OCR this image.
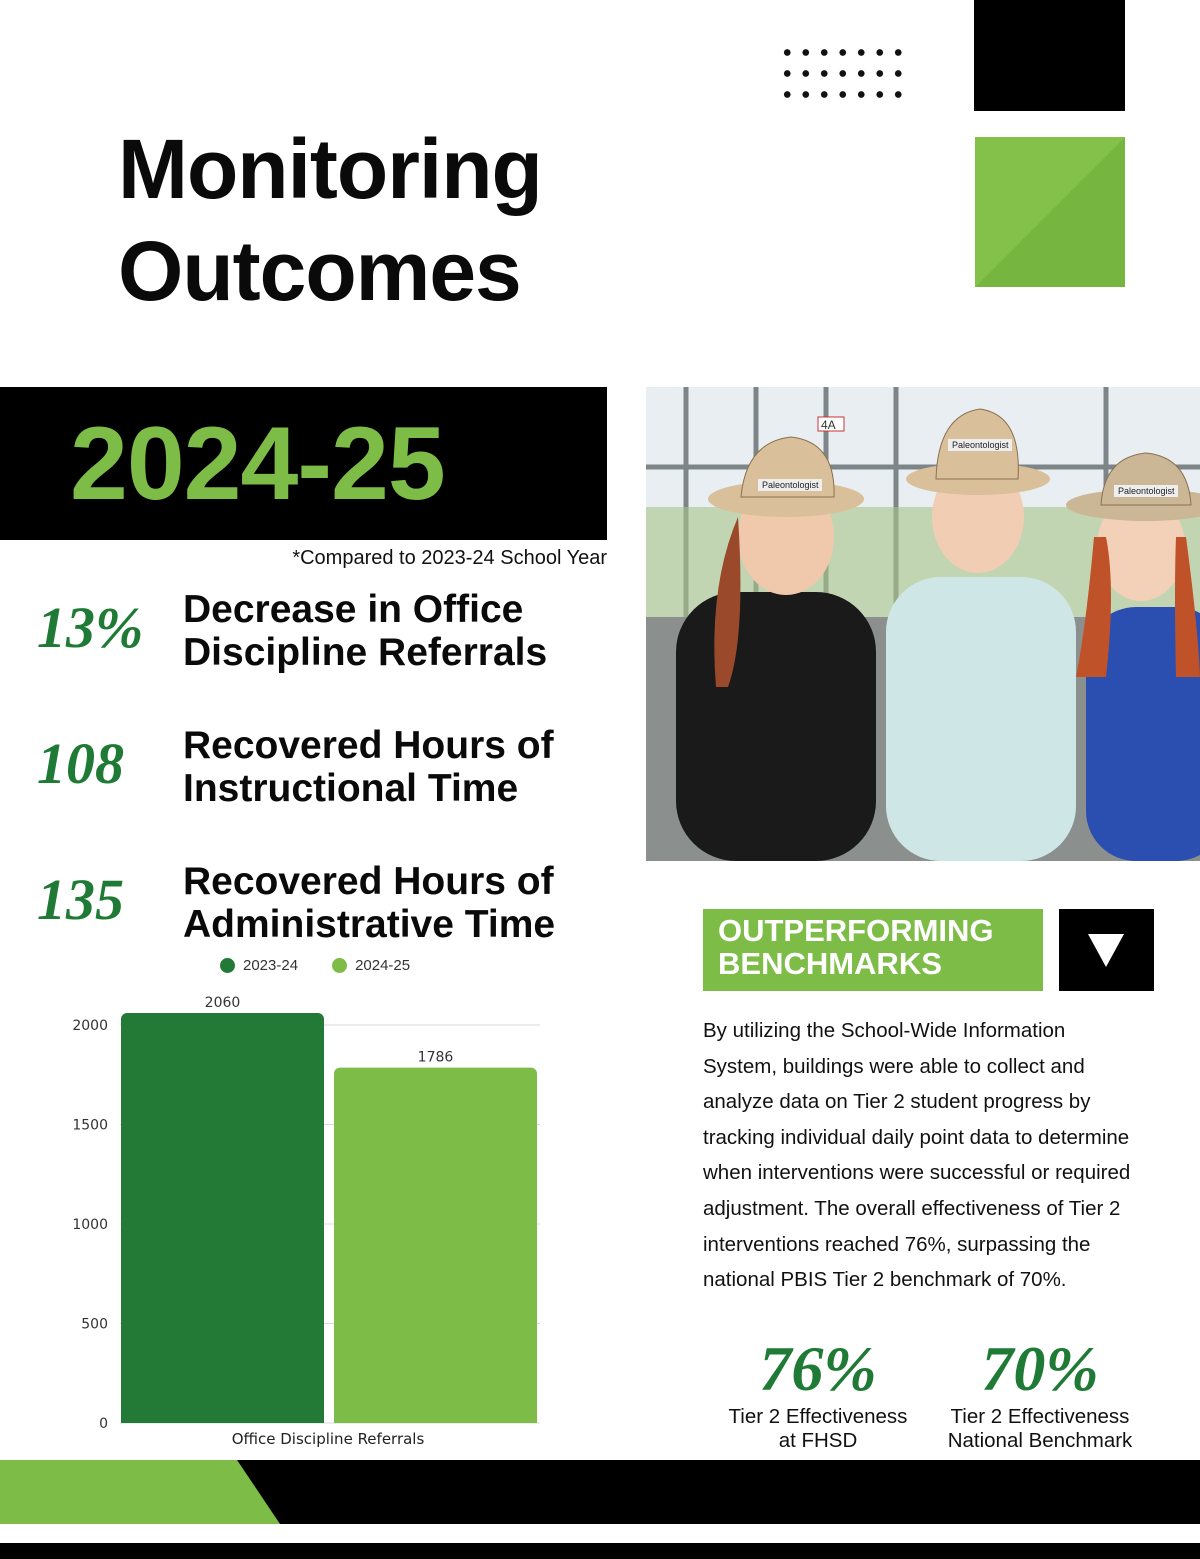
Monitoring
Outcomes
2024-25
*Compared to 2023-24 School Year
13% Decrease in Office
Discipline Referrals
108 Recovered Hours of
Instructional Time
135 Recovered Hours of
Administrative Time
2023-24	2024-25
0
500
1000
1500
2000
2060
1786
Office Discipline Referrals
4A
Paleontologist
Paleontologist
Paleontologist
OUTPERFORMING
BENCHMARKS
By utilizing the School-Wide Information System, buildings were able to collect and analyze data on Tier 2 student progress by tracking individual daily point data to determine when interventions were successful or required adjustment. The overall effectiveness of Tier 2 interventions reached 76%, surpassing the national PBIS Tier 2 benchmark of 70%.
76%
Tier 2 Effectiveness
at FHSD
70%
Tier 2 Effectiveness
National Benchmark
